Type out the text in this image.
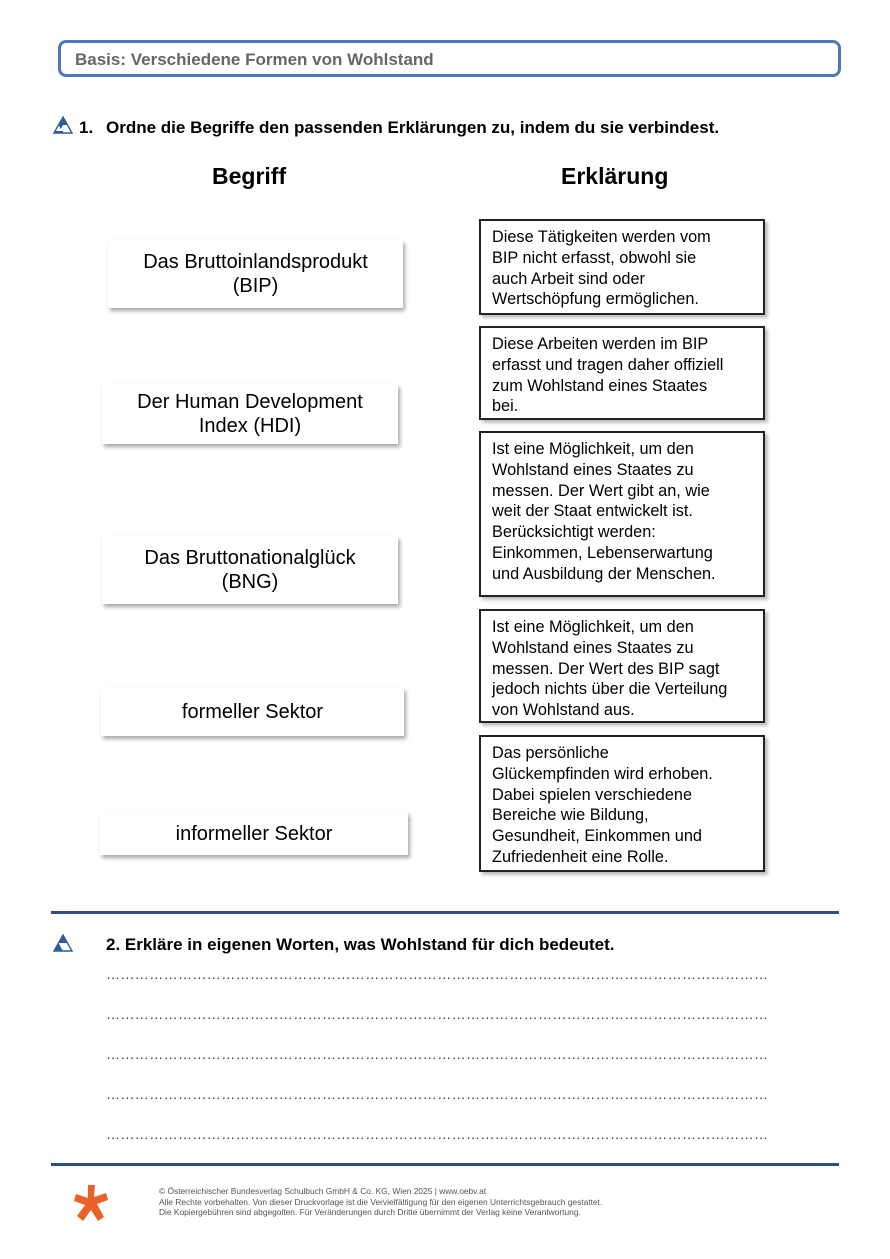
Basis: Verschiedene Formen von Wohlstand
1. Ordne die Begriffe den passenden Erklärungen zu, indem du sie verbindest.
Begriff	Erklärung
Das Bruttoinlandsprodukt
(BIP)
Der Human Development
Index (HDI)
Das Bruttonationalglück
(BNG)
formeller Sektor
informeller Sektor
Diese Tätigkeiten werden vom
BIP nicht erfasst, obwohl sie
auch Arbeit sind oder
Wertschöpfung ermöglichen.
Diese Arbeiten werden im BIP
erfasst und tragen daher offiziell
zum Wohlstand eines Staates
bei.
Ist eine Möglichkeit, um den
Wohlstand eines Staates zu
messen. Der Wert gibt an, wie
weit der Staat entwickelt ist.
Berücksichtigt werden:
Einkommen, Lebenserwartung
und Ausbildung der Menschen.
Ist eine Möglichkeit, um den
Wohlstand eines Staates zu
messen. Der Wert des BIP sagt
jedoch nichts über die Verteilung
von Wohlstand aus.
Das persönliche
Glückempfinden wird erhoben.
Dabei spielen verschiedene
Bereiche wie Bildung,
Gesundheit, Einkommen und
Zufriedenheit eine Rolle.
2. Erkläre in eigenen Worten, was Wohlstand für dich bedeutet.
…………………………………………………………………………………………………………………………
…………………………………………………………………………………………………………………………
…………………………………………………………………………………………………………………………
…………………………………………………………………………………………………………………………
…………………………………………………………………………………………………………………………
© Österreichischer Bundesverlag Schulbuch GmbH & Co. KG, Wien 2025 | www.oebv.at
Alle Rechte vorbehalten. Von dieser Druckvorlage ist die Vervielfältigung für den eigenen Unterrichtsgebrauch gestattet.
Die Kopiergebühren sind abgegolten. Für Veränderungen durch Dritte übernimmt der Verlag keine Verantwortung.
